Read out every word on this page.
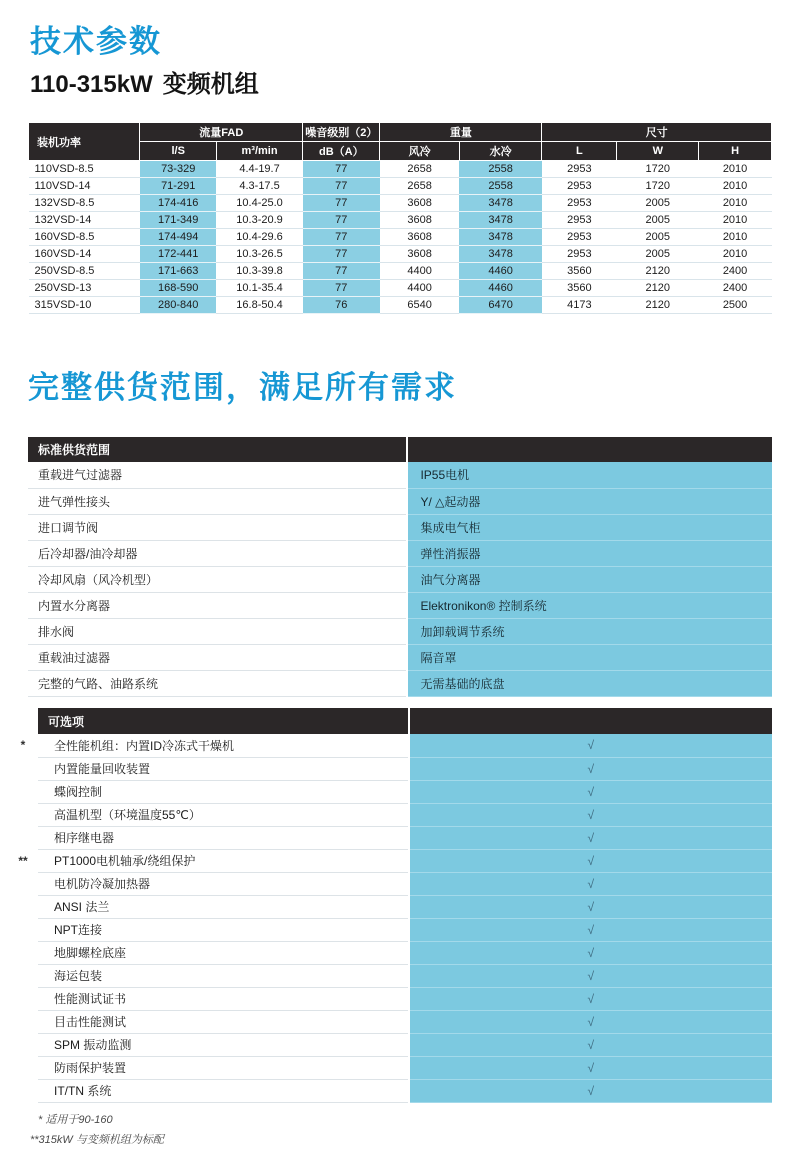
技术参数
110-315kW 变频机组
装机功率	流量FAD		噪音级别（2）	重量		尺寸		
	l/S	m³/min	dB（A）	风冷	水冷	L	W	H
110VSD-8.5	73-329	4.4-19.7	77	2658	2558	2953	1720	2010
110VSD-14	71-291	4.3-17.5	77	2658	2558	2953	1720	2010
132VSD-8.5	174-416	10.4-25.0	77	3608	3478	2953	2005	2010
132VSD-14	171-349	10.3-20.9	77	3608	3478	2953	2005	2010
160VSD-8.5	174-494	10.4-29.6	77	3608	3478	2953	2005	2010
160VSD-14	172-441	10.3-26.5	77	3608	3478	2953	2005	2010
250VSD-8.5	171-663	10.3-39.8	77	4400	4460	3560	2120	2400
250VSD-13	168-590	10.1-35.4	77	4400	4460	3560	2120	2400
315VSD-10	280-840	16.8-50.4	76	6540	6470	4173	2120	2500
完整供货范围，满足所有需求
标准供货范围	
重载进气过滤器	IP55电机
进气弹性接头	Y/ △起动器
进口调节阀	集成电气柜
后冷却器/油冷却器	弹性消振器
冷却风扇（风冷机型）	油气分离器
内置水分离器	Elektronikon® 控制系统
排水阀	加卸载调节系统
重载油过滤器	隔音罩
完整的气路、油路系统	无需基础的底盘
可选项	

* 全性能机组：内置ID冷冻式干燥机	√

内置能量回收装置	√

蝶阀控制	√

高温机型（环境温度55℃）	√

相序继电器	√

** PT1000电机轴承/绕组保护	√

电机防冷凝加热器	√

ANSI 法兰	√

NPT连接	√

地脚螺栓底座	√

海运包装	√

性能测试证书	√

目击性能测试	√

SPM 振动监测	√

防雨保护装置	√

IT/TN 系统	√
* 适用于90-160
**315kW 与变频机组为标配
